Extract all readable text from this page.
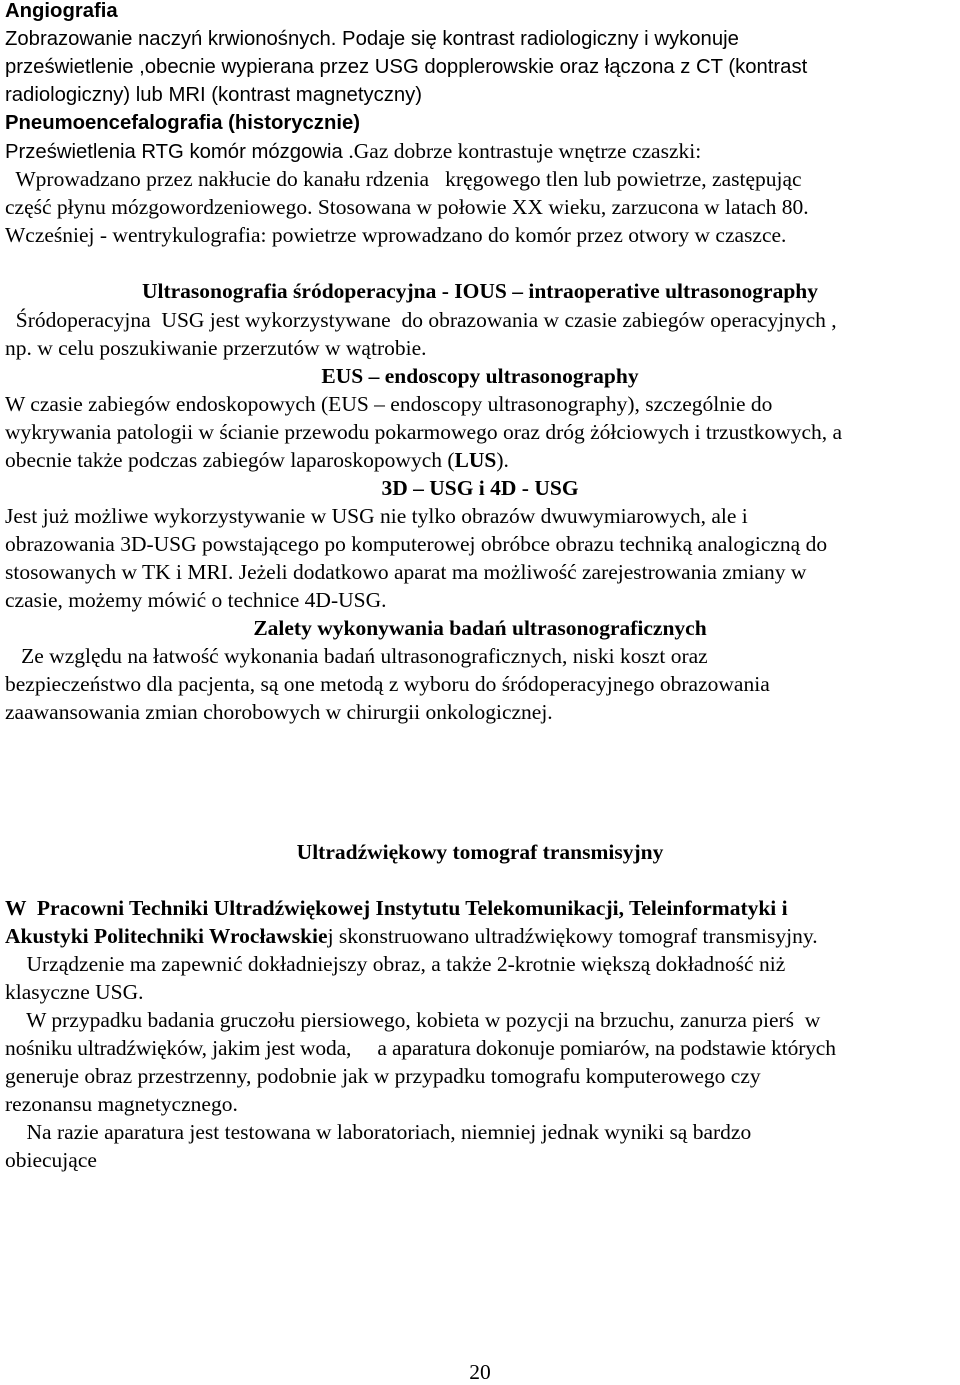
Angiografia

Zobrazowanie naczyń krwionośnych. Podaje się kontrast radiologiczny i wykonuje

prześwietlenie ,obecnie wypierana przez USG dopplerowskie oraz łączona z CT (kontrast

radiologiczny) lub MRI (kontrast magnetyczny)

Pneumoencefalografia (historycznie)

Prześwietlenia RTG komór mózgowia .Gaz dobrze kontrastuje wnętrze czaszki:

Wprowadzano przez nakłucie do kanału rdzenia   kręgowego tlen lub powietrze, zastępując

część płynu mózgowordzeniowego. Stosowana w połowie XX wieku, zarzucona w latach 80.

Wcześniej - wentrykulografia: powietrze wprowadzano do komór przez otwory w czaszce.

Ultrasonografia śródoperacyjna - IOUS – intraoperative ultrasonography

Śródoperacyjna  USG jest wykorzystywane  do obrazowania w czasie zabiegów operacyjnych ,

np. w celu poszukiwanie przerzutów w wątrobie.

EUS – endoscopy ultrasonography

W czasie zabiegów endoskopowych (EUS – endoscopy ultrasonography), szczególnie do

wykrywania patologii w ścianie przewodu pokarmowego oraz dróg żółciowych i trzustkowych, a

obecnie także podczas zabiegów laparoskopowych (LUS).

3D – USG i 4D - USG

Jest już możliwe wykorzystywanie w USG nie tylko obrazów dwuwymiarowych, ale i

obrazowania 3D-USG powstającego po komputerowej obróbce obrazu techniką analogiczną do

stosowanych w TK i MRI. Jeżeli dodatkowo aparat ma możliwość zarejestrowania zmiany w

czasie, możemy mówić o technice 4D-USG.

Zalety wykonywania badań ultrasonograficznych

Ze względu na łatwość wykonania badań ultrasonograficznych, niski koszt oraz

bezpieczeństwo dla pacjenta, są one metodą z wyboru do śródoperacyjnego obrazowania

zaawansowania zmian chorobowych w chirurgii onkologicznej.

Ultradźwiękowy tomograf transmisyjny

W  Pracowni Techniki Ultradźwiękowej Instytutu Telekomunikacji, Teleinformatyki i

Akustyki Politechniki Wrocławskiej skonstruowano ultradźwiękowy tomograf transmisyjny.

Urządzenie ma zapewnić dokładniejszy obraz, a także 2-krotnie większą dokładność niż

klasyczne USG.

W przypadku badania gruczołu piersiowego, kobieta w pozycji na brzuchu, zanurza pierś  w

nośniku ultradźwięków, jakim jest woda,     a aparatura dokonuje pomiarów, na podstawie których

generuje obraz przestrzenny, podobnie jak w przypadku tomografu komputerowego czy

rezonansu magnetycznego.

Na razie aparatura jest testowana w laboratoriach, niemniej jednak wyniki są bardzo

obiecujące

20
